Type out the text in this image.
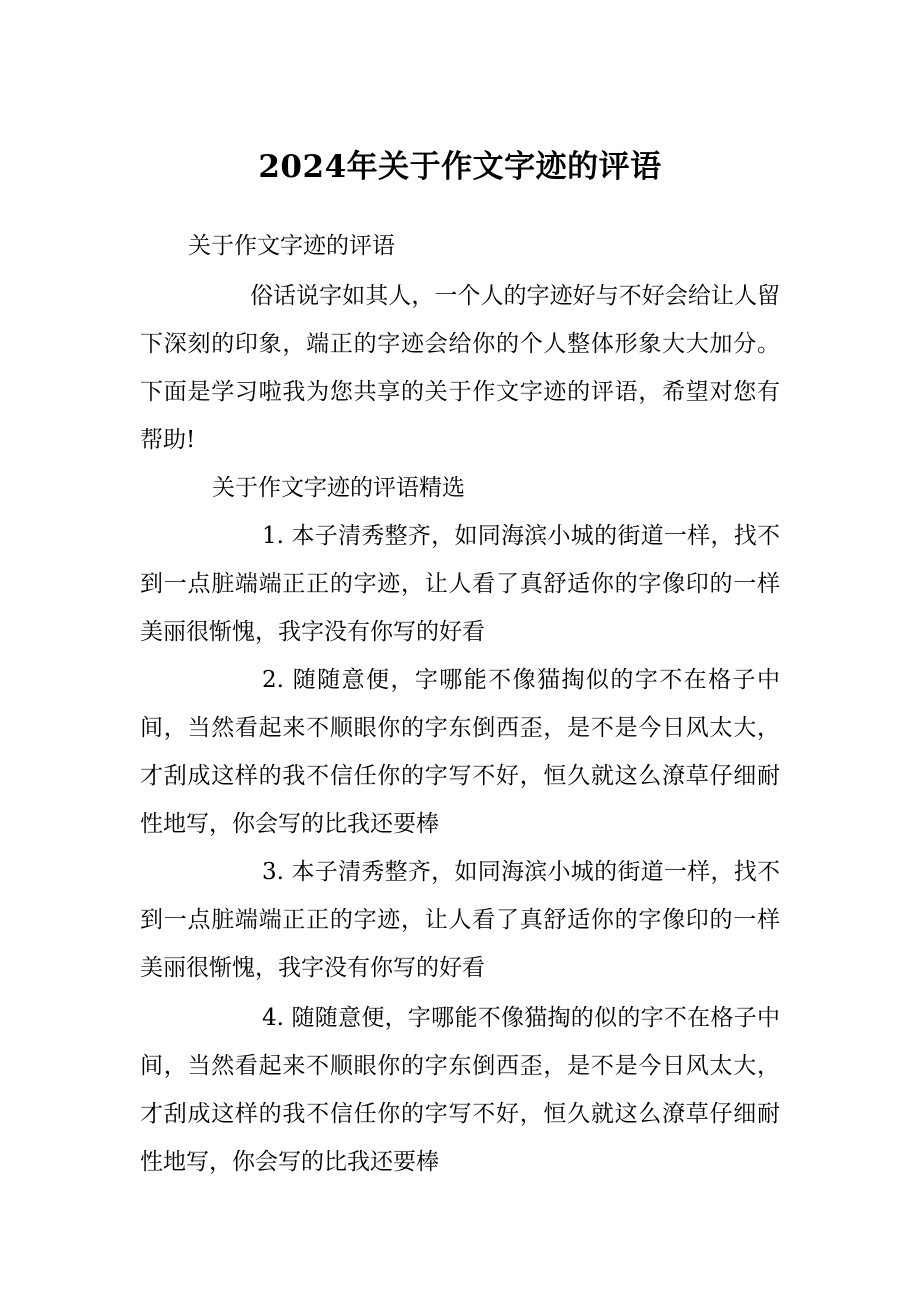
2024年关于作文字迹的评语
关于作文字迹的评语

俗话说字如其人，一个人的字迹好与不好会给让人留下深刻的印象，端正的字迹会给你的个人整体形象大大加分。下面是学习啦我为您共享的关于作文字迹的评语，希望对您有帮助!

关于作文字迹的评语精选

1. 本子清秀整齐，如同海滨小城的街道一样，找不到一点脏端端正正的字迹，让人看了真舒适你的字像印的一样美丽很惭愧，我字没有你写的好看

2. 随随意便，字哪能不像猫掏似的字不在格子中间，当然看起来不顺眼你的字东倒西歪，是不是今日风太大，才刮成这样的我不信任你的字写不好，恒久就这么潦草仔细耐性地写，你会写的比我还要棒

3. 本子清秀整齐，如同海滨小城的街道一样，找不到一点脏端端正正的字迹，让人看了真舒适你的字像印的一样美丽很惭愧，我字没有你写的好看

4. 随随意便，字哪能不像猫掏的似的字不在格子中间，当然看起来不顺眼你的字东倒西歪，是不是今日风太大，才刮成这样的我不信任你的字写不好，恒久就这么潦草仔细耐性地写，你会写的比我还要棒
